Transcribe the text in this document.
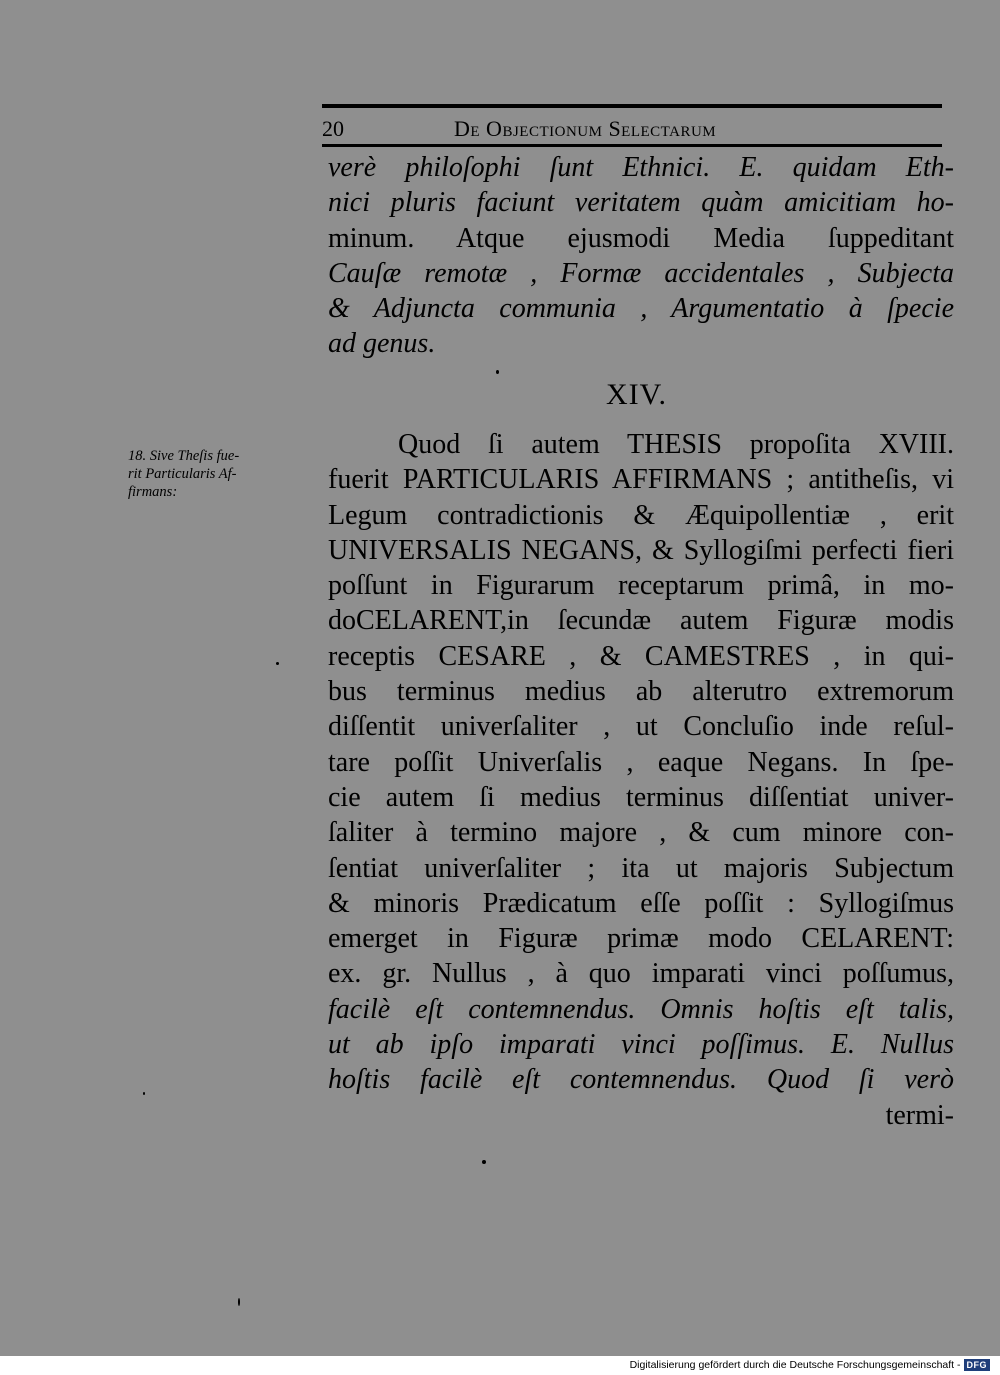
20	De Objectionum Selectarum
verè philoſophi ſunt Ethnici. E. quidam Eth-
nici pluris faciunt veritatem quàm amicitiam ho-
minum. Atque ejusmodi Media ſuppeditant
Cauſæ remotæ , Formæ accidentales , Subjecta
& Adjuncta communia , Argumentatio à ſpecie
ad genus.
XIV.
18. Sive Theſis fue-
rit Particularis Af-
firmans:
Quod ſi autem THESIS propoſita XVIII.
fuerit PARTICULARIS AFFIRMANS ; antitheſis, vi
Legum contradictionis & Æquipollentiæ , erit
UNIVERSALIS NEGANS, & Syllogiſmi perfecti fieri
poſſunt in Figurarum receptarum primâ, in mo-
doCELARENT,in ſecundæ autem Figuræ modis
receptis CESARE , & CAMESTRES , in qui-
bus terminus medius ab alterutro extremorum
diſſentit univerſaliter , ut Concluſio inde reſul-
tare poſſit Univerſalis , eaque Negans. In ſpe-
cie autem ſi medius terminus diſſentiat univer-
ſaliter à termino majore , & cum minore con-
ſentiat univerſaliter ; ita ut majoris Subjectum
& minoris Prædicatum eſſe poſſit : Syllogiſmus
emerget in Figuræ primæ modo CELARENT:
ex. gr. Nullus , à quo imparati vinci poſſumus,
facilè eſt contemnendus. Omnis hoſtis eſt talis,
ut ab ipſo imparati vinci poſſimus. E. Nullus
hoſtis facilè eſt contemnendus. Quod ſi verò
termi-
Digitalisierung gefördert durch die Deutsche Forschungsgemeinschaft - DFG
